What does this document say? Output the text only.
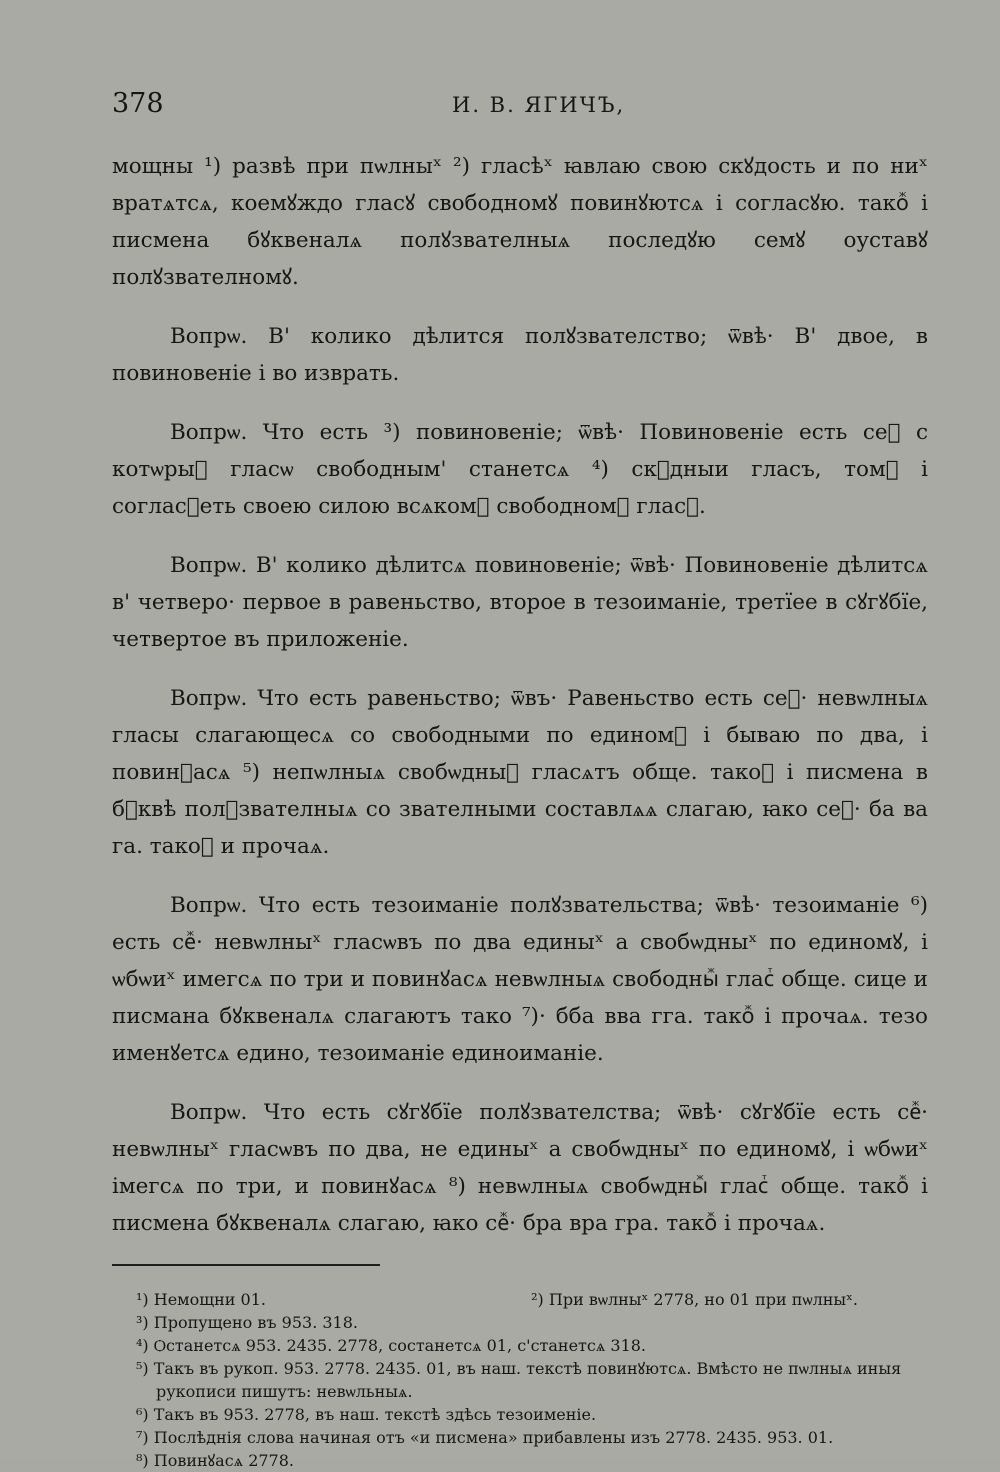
378	И. В. ЯГИЧЪ,

мощны ¹) развѣ при пѡлныˣ ²) гласѣˣ ꙗвлаю свою скꙋдость и по ниˣ вратѧтсѧ, коемꙋждо гласꙋ свободномꙋ повинꙋютсѧ і согласꙋю. такоⷤ і писмена бꙋквеналѧ полꙋзвателныѧ последꙋю семꙋ оуставꙋ полꙋзвателномꙋ.

Вопрѡ. В' колико дѣлится полꙋзвателство; ѿвѣ· В' двое, в повиновеніе і во изврать.

Вопрѡ. Что есть ³) повиновеніе; ѿвѣ· Повиновеніе есть сеⷤ с котѡрыⷤ гласѡ свободным' станетсѧ ⁴) скꙋдныи гласъ, томꙋ і согласꙋеть своею силою всѧкомꙋ свободномꙋ гласꙋ.

Вопрѡ. В' колико дѣлитсѧ повиновеніе; ѿвѣ· Повиновеніе дѣлитсѧ в' четверо· первое в равеньство, второе в тезоиманіе, третїее в сꙋгꙋбїе, четвертое въ приложеніе.

Вопрѡ. Что есть равеньство; ѿвъ· Равеньство есть сеⷤ· невѡлныѧ гласы слагающесѧ со свободными по единомꙋ і бываю по два, і повинꙋасѧ ⁵) непѡлныѧ свобѡдныⷤ гласѧтъ обще. такоⷤ і писмена в бꙋквѣ полꙋзвателныѧ со звателными составлѧѧ слагаю, ꙗко сеⷤ· ба ва га. такоⷤ и прочаѧ.

Вопрѡ. Что есть тезоиманіе полꙋзвательства; ѿвѣ· тезоиманіе ⁶) есть сеⷤ· невѡлныˣ гласѡвъ по два единыˣ а свобѡдныˣ по единомꙋ, і ѡбѡиˣ имегсѧ по три и повинꙋасѧ невѡлныѧ свободныⷤ гласⷮ обще. сице и писмана бꙋквеналѧ слагаютъ тако ⁷)· бба вва гга. такоⷤ і прочаѧ. тезо именꙋетсѧ едино, тезоиманіе единоиманіе.

Вопрѡ. Что есть сꙋгꙋбїе полꙋзвателства; ѿвѣ· сꙋгꙋбїе есть сеⷤ· невѡлныˣ гласѡвъ по два, не единыˣ а свобѡдныˣ по единомꙋ, і ѡбѡиˣ імегсѧ по три, и повинꙋасѧ ⁸) невѡлныѧ свобѡдныⷤ гласⷮ обще. такоⷤ і писмена бꙋквеналѧ слагаю, ꙗко сеⷤ· бра вра гра. такоⷤ і прочаѧ.

¹) Немощни 01.	²) При вѡлныˣ 2778, но 01 при пѡлныˣ.

³) Пропущено въ 953. 318.

⁴) Ѻстанетсѧ 953. 2435. 2778, состанетсѧ 01, с'станетсѧ 318.

⁵) Такъ въ рукоп. 953. 2778. 2435. 01, въ наш. текстѣ повинꙋютсѧ. Вмѣсто не пѡлныѧ иныя рукописи пишутъ: невѡльныѧ.

⁶) Такъ въ 953. 2778, въ наш. текстѣ здѣсь тезоименіе.

⁷) Послѣднія слова начиная отъ «и писмена» прибавлены изъ 2778. 2435. 953. 01.

⁸) Повинꙋасѧ 2778.
